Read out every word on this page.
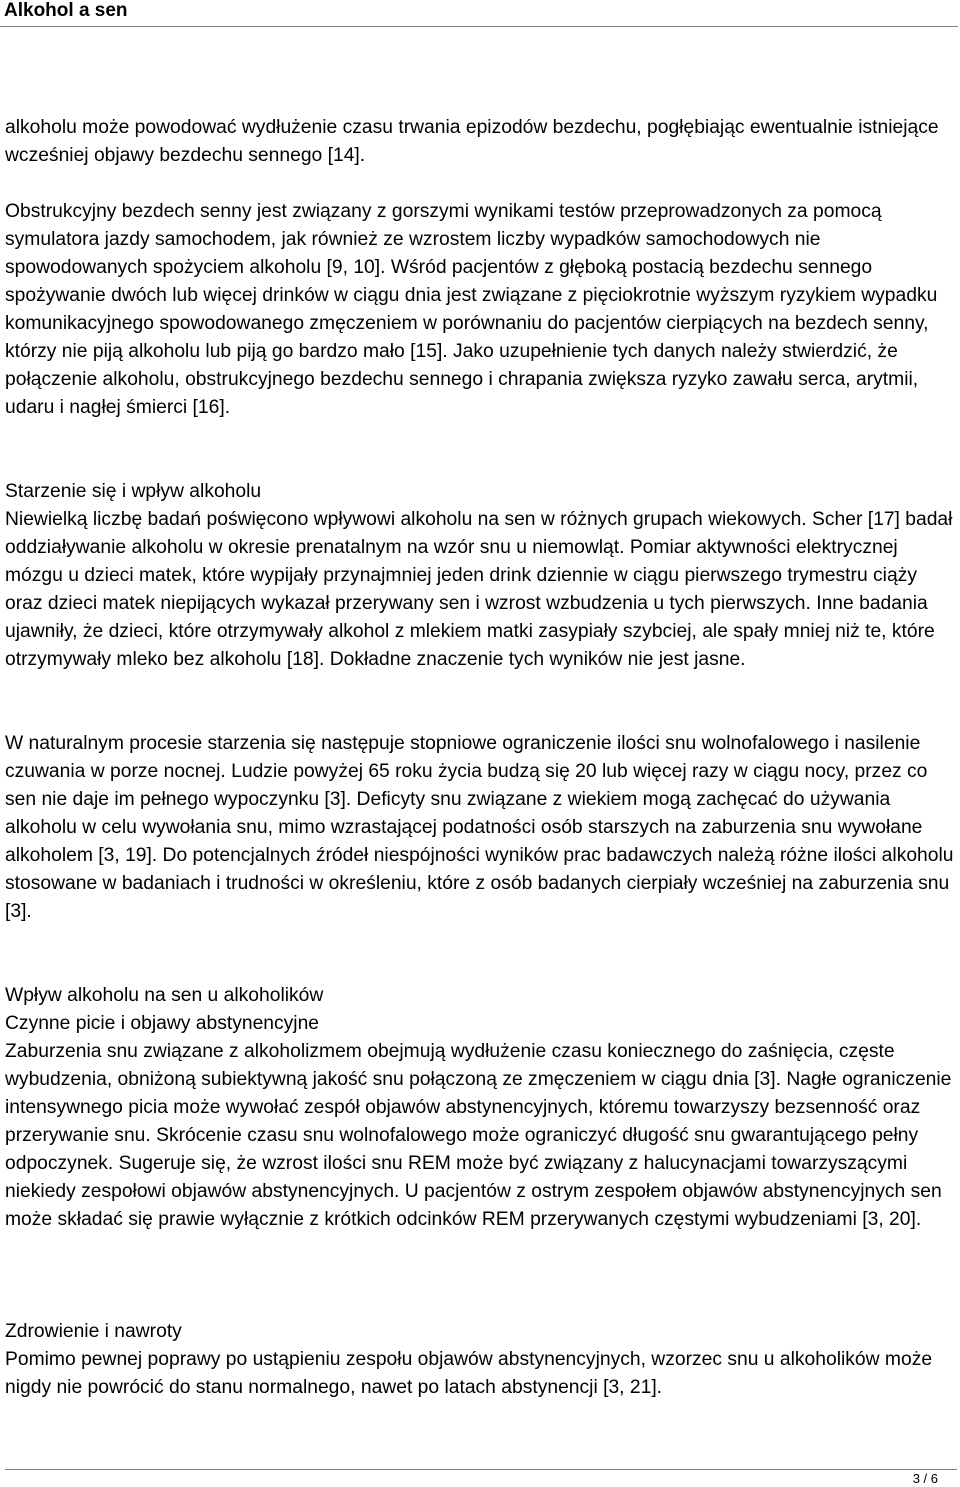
Alkohol a sen

alkoholu może powodować wydłużenie czasu trwania epizodów bezdechu, pogłębiając ewentualnie istniejące wcześniej objawy bezdechu sennego [14].

Obstrukcyjny bezdech senny jest związany z gorszymi wynikami testów przeprowadzonych za pomocą symulatora jazdy samochodem, jak również ze wzrostem liczby wypadków samochodowych nie spowodowanych spożyciem alkoholu [9, 10]. Wśród pacjentów z głęboką postacią bezdechu sennego spożywanie dwóch lub więcej drinków w ciągu dnia jest związane z pięciokrotnie wyższym ryzykiem wypadku komunikacyjnego spowodowanego zmęczeniem w porównaniu do pacjentów cierpiących na bezdech senny, którzy nie piją alkoholu lub piją go bardzo mało [15]. Jako uzupełnienie tych danych należy stwierdzić, że połączenie alkoholu, obstrukcyjnego bezdechu sennego i chrapania zwiększa ryzyko zawału serca, arytmii, udaru i nagłej śmierci [16].

Starzenie się i wpływ alkoholu

Niewielką liczbę badań poświęcono wpływowi alkoholu na sen w różnych grupach wiekowych. Scher [17] badał oddziaływanie alkoholu w okresie prenatalnym na wzór snu u niemowląt. Pomiar aktywności elektrycznej mózgu u dzieci matek, które wypijały przynajmniej jeden drink dziennie w ciągu pierwszego trymestru ciąży oraz dzieci matek niepijących wykazał przerywany sen i wzrost wzbudzenia u tych pierwszych. Inne badania ujawniły, że dzieci, które otrzymywały alkohol z mlekiem matki zasypiały szybciej, ale spały mniej niż te, które otrzymywały mleko bez alkoholu [18]. Dokładne znaczenie tych wyników nie jest jasne.

W naturalnym procesie starzenia się następuje stopniowe ograniczenie ilości snu wolnofalowego i nasilenie czuwania w porze nocnej. Ludzie powyżej 65 roku życia budzą się 20 lub więcej razy w ciągu nocy, przez co sen nie daje im pełnego wypoczynku [3]. Deficyty snu związane z wiekiem mogą zachęcać do używania alkoholu w celu wywołania snu, mimo wzrastającej podatności osób starszych na zaburzenia snu wywołane alkoholem [3, 19]. Do potencjalnych źródeł niespójności wyników prac badawczych należą różne ilości alkoholu stosowane w badaniach i trudności w określeniu, które z osób badanych cierpiały wcześniej na zaburzenia snu [3].

Wpływ alkoholu na sen u alkoholików

Czynne picie i objawy abstynencyjne

Zaburzenia snu związane z alkoholizmem obejmują wydłużenie czasu koniecznego do zaśnięcia, częste wybudzenia, obniżoną subiektywną jakość snu połączoną ze zmęczeniem w ciągu dnia [3]. Nagłe ograniczenie intensywnego picia może wywołać zespół objawów abstynencyjnych, któremu towarzyszy bezsenność oraz przerywanie snu. Skrócenie czasu snu wolnofalowego może ograniczyć długość snu gwarantującego pełny odpoczynek. Sugeruje się, że wzrost ilości snu REM może być związany z halucynacjami towarzyszącymi niekiedy zespołowi objawów abstynencyjnych. U pacjentów z ostrym zespołem objawów abstynencyjnych sen może składać się prawie wyłącznie z krótkich odcinków REM przerywanych częstymi wybudzeniami [3, 20].

Zdrowienie i nawroty

Pomimo pewnej poprawy po ustąpieniu zespołu objawów abstynencyjnych, wzorzec snu u alkoholików może nigdy nie powrócić do stanu normalnego, nawet po latach abstynencji [3, 21].

3 / 6
